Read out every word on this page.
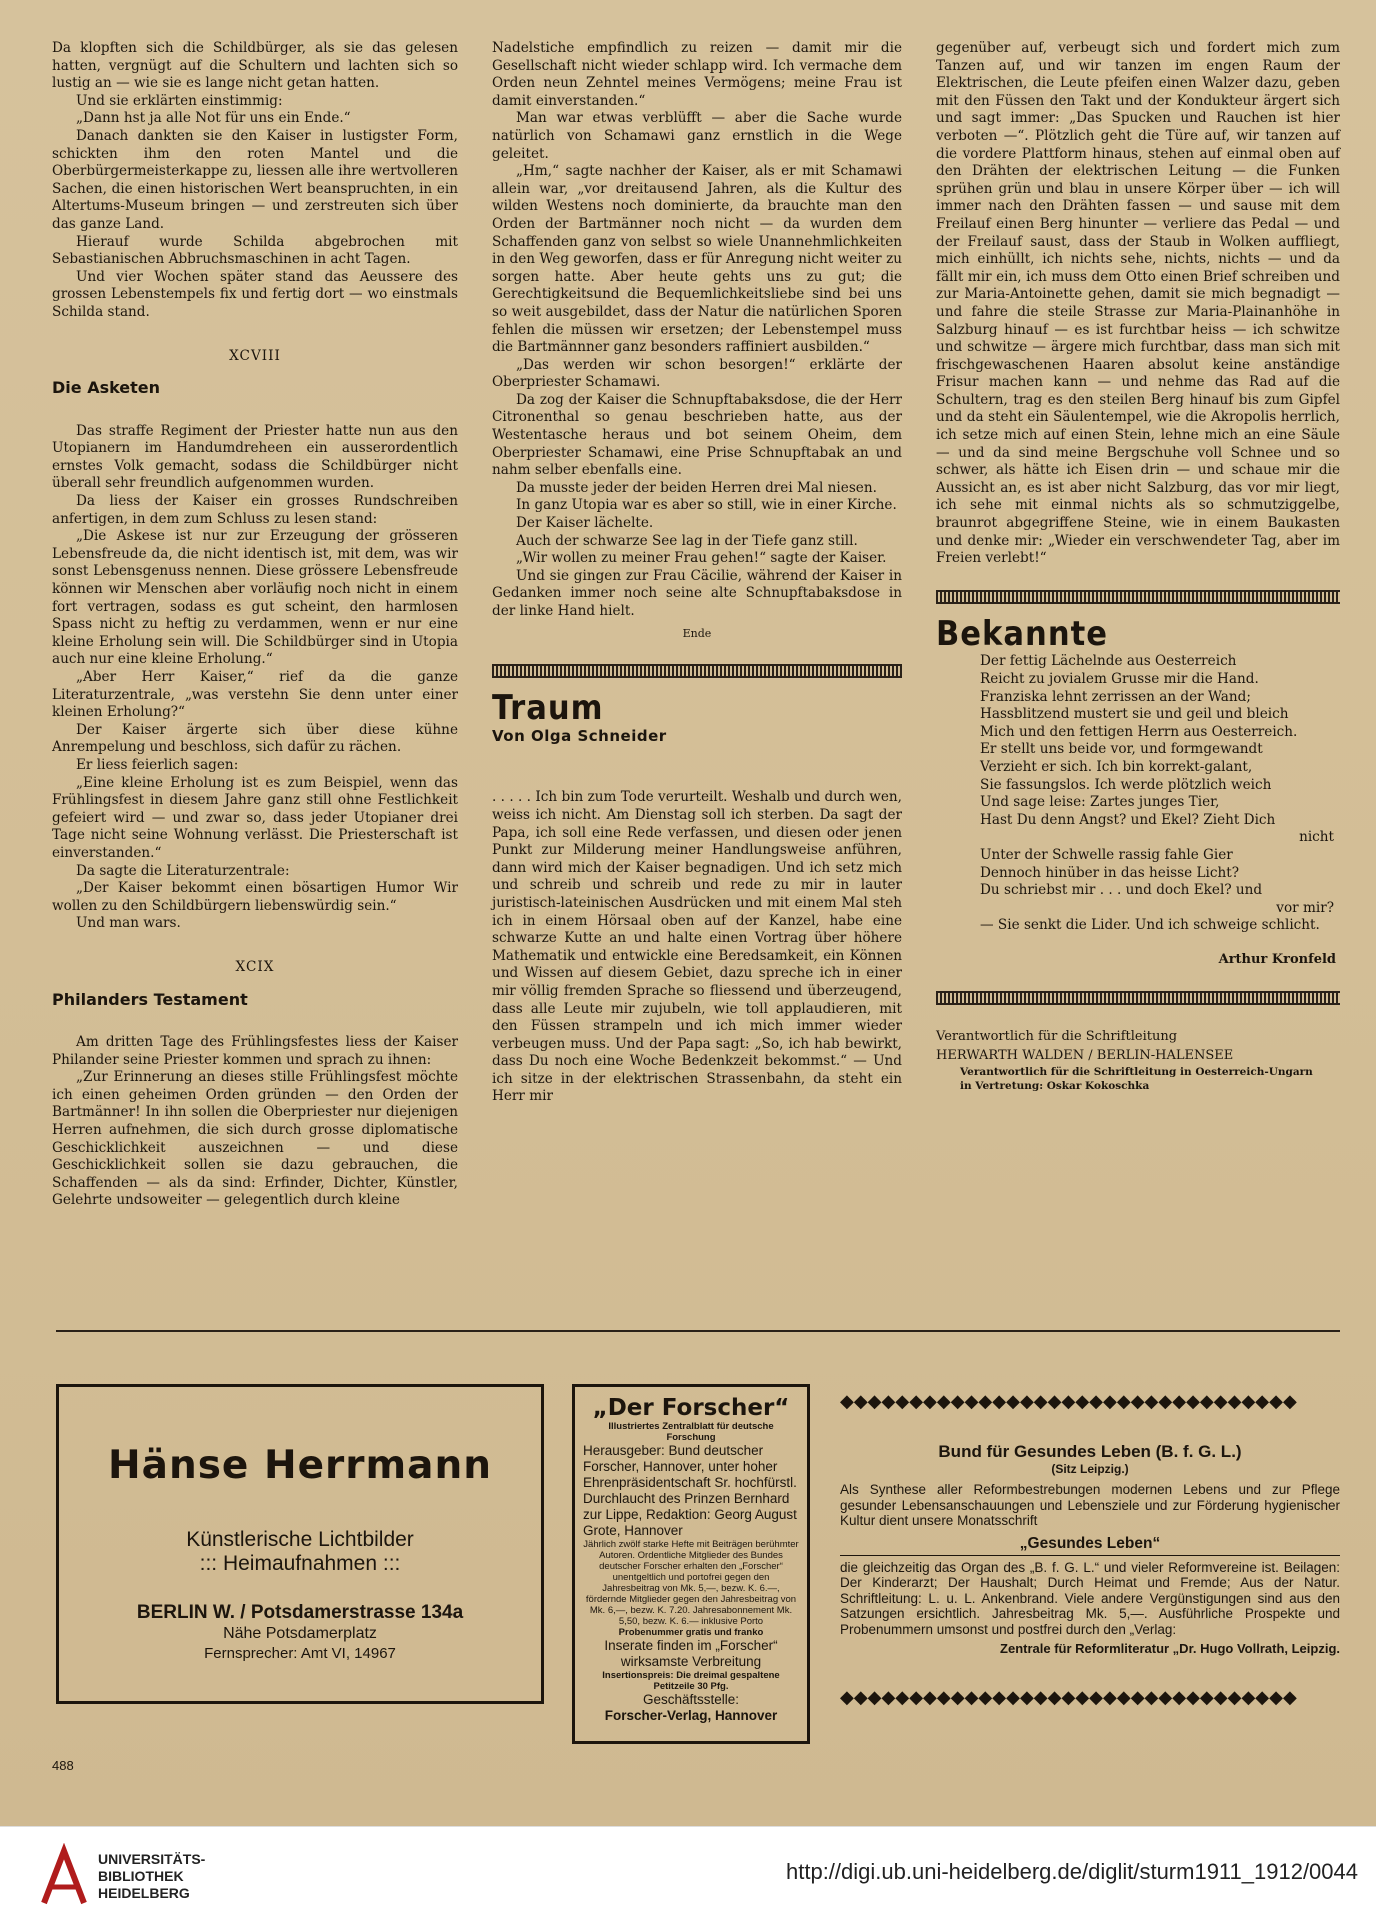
Da klopften sich die Schildbürger, als sie das gelesen hatten, vergnügt auf die Schultern und lachten sich so lustig an — wie sie es lange nicht getan hatten.

Und sie erklärten einstimmig:

„Dann hst ja alle Not für uns ein Ende.“

Danach dankten sie den Kaiser in lustigster Form, schickten ihm den roten Mantel und die Oberbürgermeisterkappe zu, liessen alle ihre wertvolleren Sachen, die einen historischen Wert beanspruchten, in ein Altertums-Museum bringen — und zerstreuten sich über das ganze Land.

Hierauf wurde Schilda abgebrochen mit Sebastianischen Abbruchsmaschinen in acht Tagen.

Und vier Wochen später stand das Aeussere des grossen Lebenstempels fix und fertig dort — wo einstmals Schilda stand.

XCVIII
Die Asketen

Das straffe Regiment der Priester hatte nun aus den Utopianern im Handumdreheen ein ausserordentlich ernstes Volk gemacht, sodass die Schildbürger nicht überall sehr freundlich aufgenommen wurden.

Da liess der Kaiser ein grosses Rundschreiben anfertigen, in dem zum Schluss zu lesen stand:

„Die Askese ist nur zur Erzeugung der grösseren Lebensfreude da, die nicht identisch ist, mit dem, was wir sonst Lebensgenuss nennen. Diese grössere Lebensfreude können wir Menschen aber vorläufig noch nicht in einem fort vertragen, sodass es gut scheint, den harmlosen Spass nicht zu heftig zu verdammen, wenn er nur eine kleine Erholung sein will. Die Schildbürger sind in Utopia auch nur eine kleine Erholung.“

„Aber Herr Kaiser,“ rief da die ganze Literaturzentrale, „was verstehn Sie denn unter einer kleinen Erholung?“

Der Kaiser ärgerte sich über diese kühne Anrempelung und beschloss, sich dafür zu rächen.

Er liess feierlich sagen:

„Eine kleine Erholung ist es zum Beispiel, wenn das Frühlingsfest in diesem Jahre ganz still ohne Festlichkeit gefeiert wird — und zwar so, dass jeder Utopianer drei Tage nicht seine Wohnung verlässt. Die Priesterschaft ist einverstanden.“

Da sagte die Literaturzentrale:

„Der Kaiser bekommt einen bösartigen Humor Wir wollen zu den Schildbürgern liebenswürdig sein.“

Und man wars.

XCIX
Philanders Testament

Am dritten Tage des Frühlingsfestes liess der Kaiser Philander seine Priester kommen und sprach zu ihnen:

„Zur Erinnerung an dieses stille Frühlingsfest möchte ich einen geheimen Orden gründen — den Orden der Bartmänner! In ihn sollen die Oberpriester nur diejenigen Herren aufnehmen, die sich durch grosse diplomatische Geschicklichkeit auszeichnen — und diese Geschicklichkeit sollen sie dazu gebrauchen, die Schaffenden — als da sind: Erfinder, Dichter, Künstler, Gelehrte undsoweiter — gelegentlich durch kleine

Nadelstiche empfindlich zu reizen — damit mir die Gesellschaft nicht wieder schlapp wird. Ich vermache dem Orden neun Zehntel meines Vermögens; meine Frau ist damit einverstanden.“

Man war etwas verblüfft — aber die Sache wurde natürlich von Schamawi ganz ernstlich in die Wege geleitet.

„Hm,“ sagte nachher der Kaiser, als er mit Schamawi allein war, „vor dreitausend Jahren, als die Kultur des wilden Westens noch dominierte, da brauchte man den Orden der Bartmänner noch nicht — da wurden dem Schaffenden ganz von selbst so wiele Unannehmlichkeiten in den Weg geworfen, dass er für Anregung nicht weiter zu sorgen hatte. Aber heute gehts uns zu gut; die Gerechtigkeitsund die Bequemlichkeitsliebe sind bei uns so weit ausgebildet, dass der Natur die natürlichen Sporen fehlen die müssen wir ersetzen; der Lebenstempel muss die Bartmännner ganz besonders raffiniert ausbilden.“

„Das werden wir schon besorgen!“ erklärte der Oberpriester Schamawi.

Da zog der Kaiser die Schnupftabaksdose, die der Herr Citronenthal so genau beschrieben hatte, aus der Westentasche heraus und bot seinem Oheim, dem Oberpriester Schamawi, eine Prise Schnupftabak an und nahm selber ebenfalls eine.

Da musste jeder der beiden Herren drei Mal niesen.

In ganz Utopia war es aber so still, wie in einer Kirche.

Der Kaiser lächelte.

Auch der schwarze See lag in der Tiefe ganz still.

„Wir wollen zu meiner Frau gehen!“ sagte der Kaiser.

Und sie gingen zur Frau Cäcilie, während der Kaiser in Gedanken immer noch seine alte Schnupftabaksdose in der linke Hand hielt.

Ende
Traum
Von Olga Schneider

. . . . . Ich bin zum Tode verurteilt. Weshalb und durch wen, weiss ich nicht. Am Dienstag soll ich sterben. Da sagt der Papa, ich soll eine Rede verfassen, und diesen oder jenen Punkt zur Milderung meiner Handlungsweise anführen, dann wird mich der Kaiser begnadigen. Und ich setz mich und schreib und schreib und rede zu mir in lauter juristisch-lateinischen Ausdrücken und mit einem Mal steh ich in einem Hörsaal oben auf der Kanzel, habe eine schwarze Kutte an und halte einen Vortrag über höhere Mathematik und entwickle eine Beredsamkeit, ein Können und Wissen auf diesem Gebiet, dazu spreche ich in einer mir völlig fremden Sprache so fliessend und überzeugend, dass alle Leute mir zujubeln, wie toll applaudieren, mit den Füssen strampeln und ich mich immer wieder verbeugen muss. Und der Papa sagt: „So, ich hab bewirkt, dass Du noch eine Woche Bedenkzeit bekommst.“ — Und ich sitze in der elektrischen Strassenbahn, da steht ein Herr mir

gegenüber auf, verbeugt sich und fordert mich zum Tanzen auf, und wir tanzen im engen Raum der Elektrischen, die Leute pfeifen einen Walzer dazu, geben mit den Füssen den Takt und der Kondukteur ärgert sich und sagt immer: „Das Spucken und Rauchen ist hier verboten —“. Plötzlich geht die Türe auf, wir tanzen auf die vordere Plattform hinaus, stehen auf einmal oben auf den Drähten der elektrischen Leitung — die Funken sprühen grün und blau in unsere Körper über — ich will immer nach den Drähten fassen — und sause mit dem Freilauf einen Berg hinunter — verliere das Pedal — und der Freilauf saust, dass der Staub in Wolken auffliegt, mich einhüllt, ich nichts sehe, nichts, nichts — und da fällt mir ein, ich muss dem Otto einen Brief schreiben und zur Maria-Antoinette gehen, damit sie mich begnadigt — und fahre die steile Strasse zur Maria-Plainanhöhe in Salzburg hinauf — es ist furchtbar heiss — ich schwitze und schwitze — ärgere mich furchtbar, dass man sich mit frischgewaschenen Haaren absolut keine anständige Frisur machen kann — und nehme das Rad auf die Schultern, trag es den steilen Berg hinauf bis zum Gipfel und da steht ein Säulentempel, wie die Akropolis herrlich, ich setze mich auf einen Stein, lehne mich an eine Säule — und da sind meine Bergschuhe voll Schnee und so schwer, als hätte ich Eisen drin — und schaue mir die Aussicht an, es ist aber nicht Salzburg, das vor mir liegt, ich sehe mit einmal nichts als so schmutziggelbe, braunrot abgegriffene Steine, wie in einem Baukasten und denke mir: „Wieder ein verschwendeter Tag, aber im Freien verlebt!“

Bekannte
Der fettig Lächelnde aus Oesterreich
Reicht zu jovialem Grusse mir die Hand.
Franziska lehnt zerrissen an der Wand;
Hassblitzend mustert sie und geil und bleich
Mich und den fettigen Herrn aus Oesterreich.
Er stellt uns beide vor, und formgewandt
Verzieht er sich. Ich bin korrekt-galant,
Sie fassungslos. Ich werde plötzlich weich
Und sage leise: Zartes junges Tier,
Hast Du denn Angst? und Ekel? Zieht Dich
nicht
Unter der Schwelle rassig fahle Gier
Dennoch hinüber in das heisse Licht?
Du schriebst mir . . . und doch Ekel? und
vor mir?
— Sie senkt die Lider. Und ich schweige schlicht.
Arthur Kronfeld
Verantwortlich für die Schriftleitung
HERWARTH WALDEN / BERLIN-HALENSEE
Verantwortlich für die Schriftleitung in Oesterreich-Ungarn
in Vertretung: Oskar Kokoschka
Hänse Herrmann
Künstlerische Lichtbilder
::: Heimaufnahmen :::
BERLIN W. / Potsdamerstrasse 134a
Nähe Potsdamerplatz
Fernsprecher: Amt VI, 14967
„Der Forscher“
Illustriertes Zentralblatt für deutsche Forschung
Herausgeber: Bund deutscher Forscher, Hannover, unter hoher Ehrenpräsidentschaft Sr. hochfürstl. Durchlaucht des Prinzen Bernhard zur Lippe, Redaktion: Georg August Grote, Hannover
Jährlich zwölf starke Hefte mit Beiträgen berühmter Autoren. Ordentliche Mitglieder des Bundes deutscher Forscher erhalten den „Forscher“ unentgeltlich und portofrei gegen den Jahresbeitrag von Mk. 5,—, bezw. K. 6.—, fördernde Mitglieder gegen den Jahresbeitrag von Mk. 6,—, bezw. K. 7.20. Jahresabonnement Mk. 5,50, bezw. K. 6.— inklusive Porto
Probenummer gratis und franko
Inserate finden im „Forscher“ wirksamste Verbreitung
Insertionspreis: Die dreimal gespaltene Petitzeile 30 Pfg.
Geschäftsstelle:
Forscher-Verlag, Hannover
◆◆◆◆◆◆◆◆◆◆◆◆◆◆◆◆◆◆◆◆◆◆◆◆◆◆◆◆◆◆◆◆◆
Bund für Gesundes Leben (B. f. G. L.)
(Sitz Leipzig.)
Als Synthese aller Reformbestrebungen modernen Lebens und zur Pflege gesunder Lebensanschauungen und Lebensziele und zur Förderung hygienischer Kultur dient unsere Monatsschrift
„Gesundes Leben“
die gleichzeitig das Organ des „B. f. G. L.“ und vieler Reformvereine ist. Beilagen: Der Kinderarzt; Der Haushalt; Durch Heimat und Fremde; Aus der Natur. Schriftleitung: L. u. L. Ankenbrand. Viele andere Vergünstigungen sind aus den Satzungen ersichtlich. Jahresbeitrag Mk. 5,—. Ausführliche Prospekte und Probenummern umsonst und postfrei durch den „Verlag:
Zentrale für Reformliteratur „Dr. Hugo Vollrath, Leipzig.
◆◆◆◆◆◆◆◆◆◆◆◆◆◆◆◆◆◆◆◆◆◆◆◆◆◆◆◆◆◆◆◆◆
488
UNIVERSITÄTS-
BIBLIOTHEK
HEIDELBERG
http://digi.ub.uni-heidelberg.de/diglit/sturm1911_1912/0044
